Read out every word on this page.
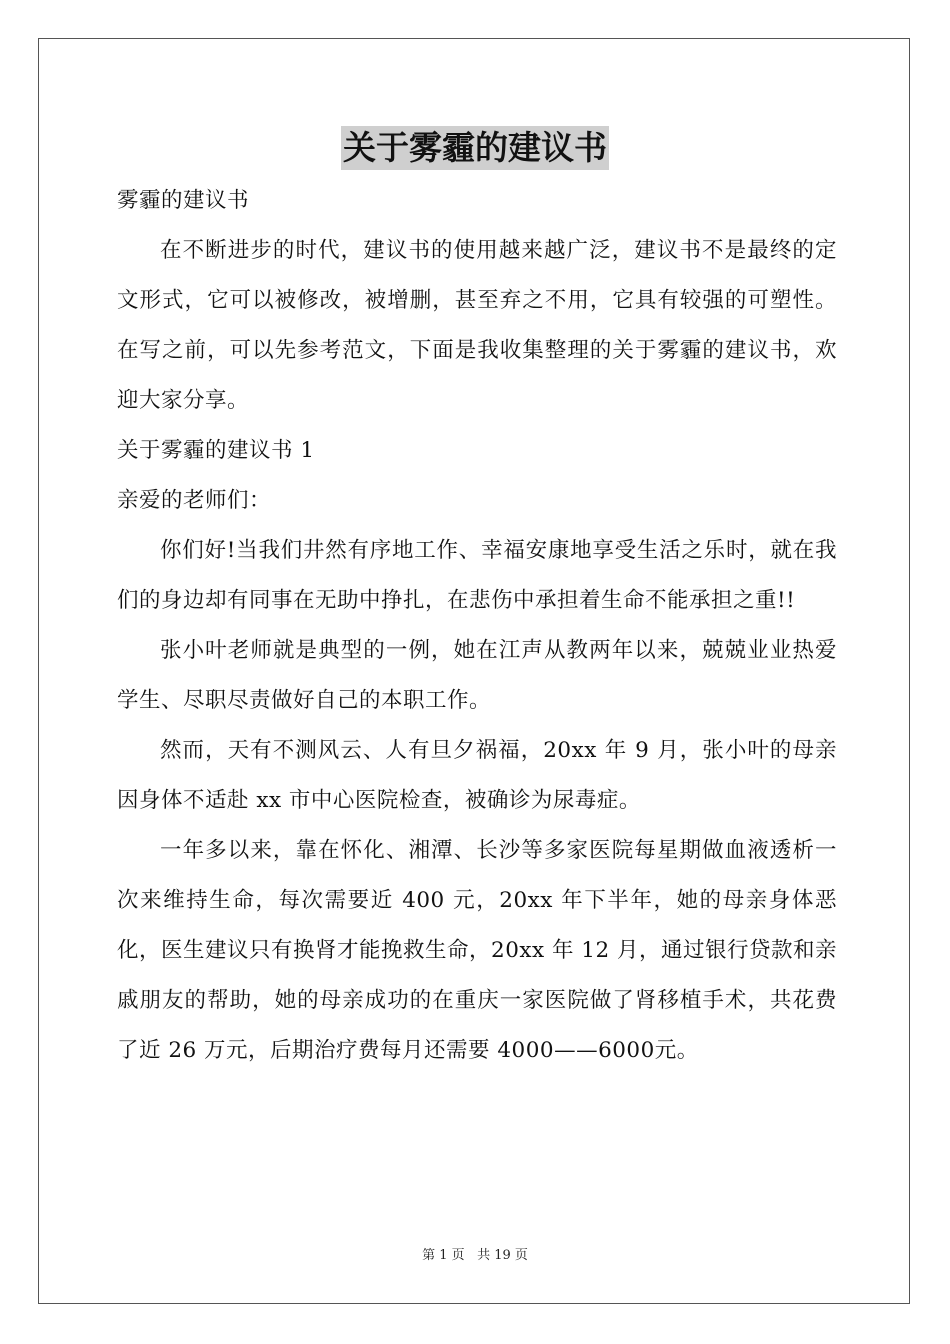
关于雾霾的建议书

雾霾的建议书

在不断进步的时代，建议书的使用越来越广泛，建议书不是最终的定文形式，它可以被修改，被增删，甚至弃之不用，它具有较强的可塑性。在写之前，可以先参考范文，下面是我收集整理的关于雾霾的建议书，欢迎大家分享。

关于雾霾的建议书 1

亲爱的老师们：

你们好!当我们井然有序地工作、幸福安康地享受生活之乐时，就在我们的身边却有同事在无助中挣扎，在悲伤中承担着生命不能承担之重!!

张小叶老师就是典型的一例，她在江声从教两年以来，兢兢业业热爱学生、尽职尽责做好自己的本职工作。

然而，天有不测风云、人有旦夕祸福，20xx 年 9 月，张小叶的母亲因身体不适赴 xx 市中心医院检查，被确诊为尿毒症。

一年多以来，靠在怀化、湘潭、长沙等多家医院每星期做血液透析一次来维持生命，每次需要近 400 元，20xx 年下半年，她的母亲身体恶化，医生建议只有换肾才能挽救生命，20xx 年 12 月，通过银行贷款和亲戚朋友的帮助，她的母亲成功的在重庆一家医院做了肾移植手术，共花费了近 26 万元，后期治疗费每月还需要 4000——6000元。

第 1 页 共 19 页
